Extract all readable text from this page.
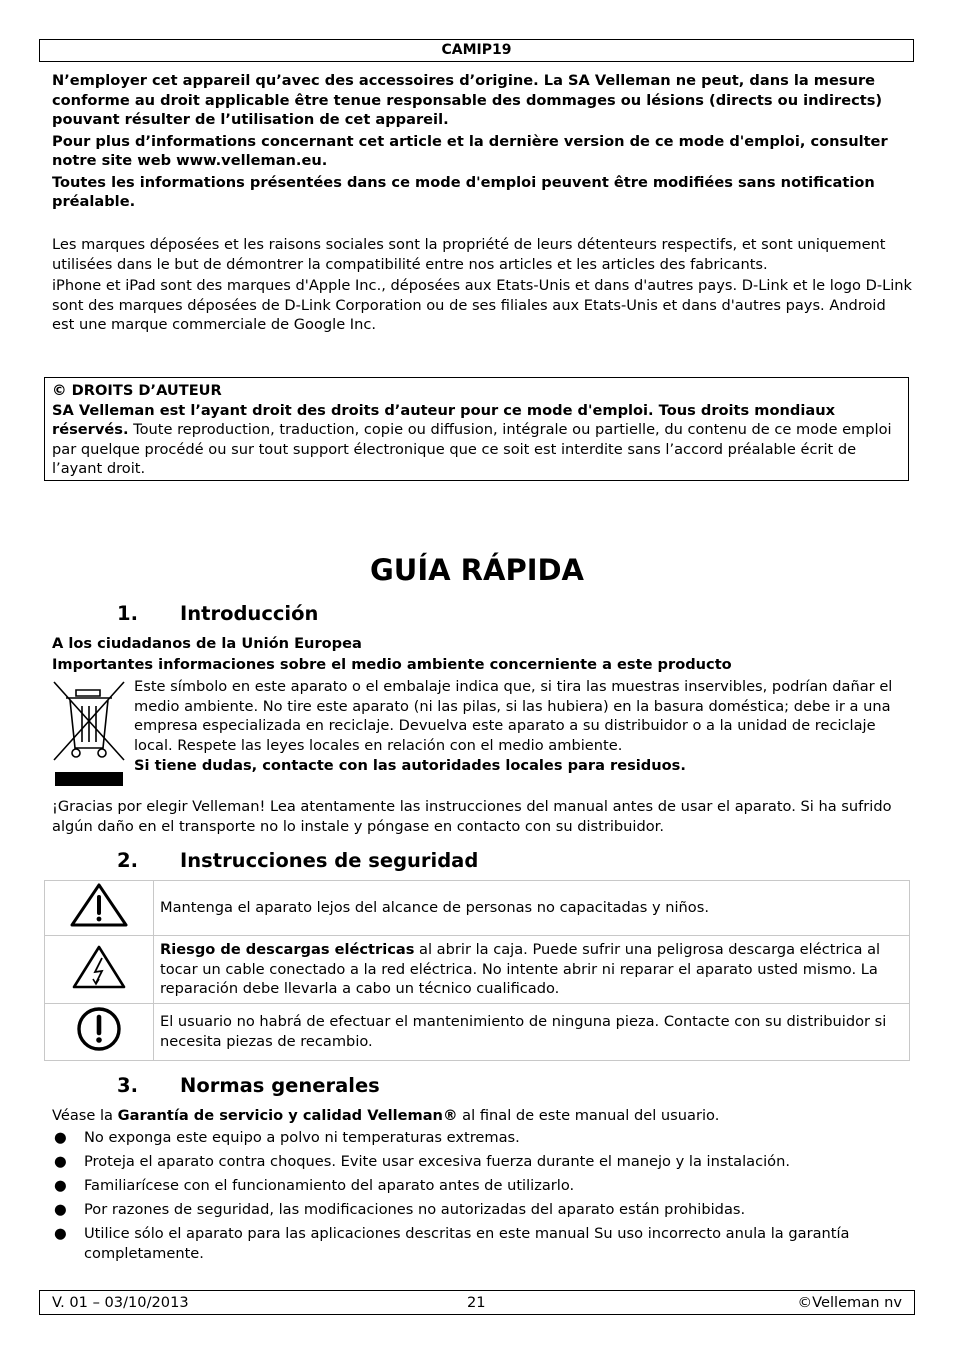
CAMIP19

N’employer cet appareil qu’avec des accessoires d’origine. La SA Velleman ne peut, dans la mesure conforme au droit applicable être tenue responsable des dommages ou lésions (directs ou indirects) pouvant résulter de l’utilisation de cet appareil.

Pour plus d’informations concernant cet article et la dernière version de ce mode d'emploi, consulter notre site web www.velleman.eu.

Toutes les informations présentées dans ce mode d'emploi peuvent être modifiées sans notification préalable.

Les marques déposées et les raisons sociales sont la propriété de leurs détenteurs respectifs, et sont uniquement utilisées dans le but de démontrer la compatibilité entre nos articles et les articles des fabricants.

iPhone et iPad sont des marques d'Apple Inc., déposées aux Etats-Unis et dans d'autres pays. D-Link et le logo D-Link sont des marques déposées de D-Link Corporation ou de ses filiales aux Etats-Unis et dans d'autres pays. Android est une marque commerciale de Google Inc.

© DROITS D’AUTEUR
SA Velleman est l’ayant droit des droits d’auteur pour ce mode d'emploi. Tous droits mondiaux réservés. Toute reproduction, traduction, copie ou diffusion, intégrale ou partielle, du contenu de ce mode emploi par quelque procédé ou sur tout support électronique que ce soit est interdite sans l’accord préalable écrit de l’ayant droit.
GUÍA RÁPIDA
1. Introducción

A los ciudadanos de la Unión Europea

Importantes informaciones sobre el medio ambiente concerniente a este producto

Este símbolo en este aparato o el embalaje indica que, si tira las muestras inservibles, podrían dañar el medio ambiente. No tire este aparato (ni las pilas, si las hubiera) en la basura doméstica; debe ir a una empresa especializada en reciclaje. Devuelva este aparato a su distribuidor o a la unidad de reciclaje local. Respete las leyes locales en relación con el medio ambiente.

Si tiene dudas, contacte con las autoridades locales para residuos.

¡Gracias por elegir Velleman! Lea atentamente las instrucciones del manual antes de usar el aparato. Si ha sufrido algún daño en el transporte no lo instale y póngase en contacto con su distribuidor.

2. Instrucciones de seguridad
	Mantenga el aparato lejos del alcance de personas no capacitadas y niños.
	Riesgo de descargas eléctricas al abrir la caja. Puede sufrir una peligrosa descarga eléctrica al tocar un cable conectado a la red eléctrica. No intente abrir ni reparar el aparato usted mismo. La reparación debe llevarla a cabo un técnico cualificado.
	El usuario no habrá de efectuar el mantenimiento de ninguna pieza. Contacte con su distribuidor si necesita piezas de recambio.
3. Normas generales

Véase la Garantía de servicio y calidad Velleman® al final de este manual del usuario.

● No exponga este equipo a polvo ni temperaturas extremas.
● Proteja el aparato contra choques. Evite usar excesiva fuerza durante el manejo y la instalación.
● Familiarícese con el funcionamiento del aparato antes de utilizarlo.
● Por razones de seguridad, las modificaciones no autorizadas del aparato están prohibidas.
● Utilice sólo el aparato para las aplicaciones descritas en este manual Su uso incorrecto anula la garantía completamente.
V. 01 – 03/10/2013	21	©Velleman nv
